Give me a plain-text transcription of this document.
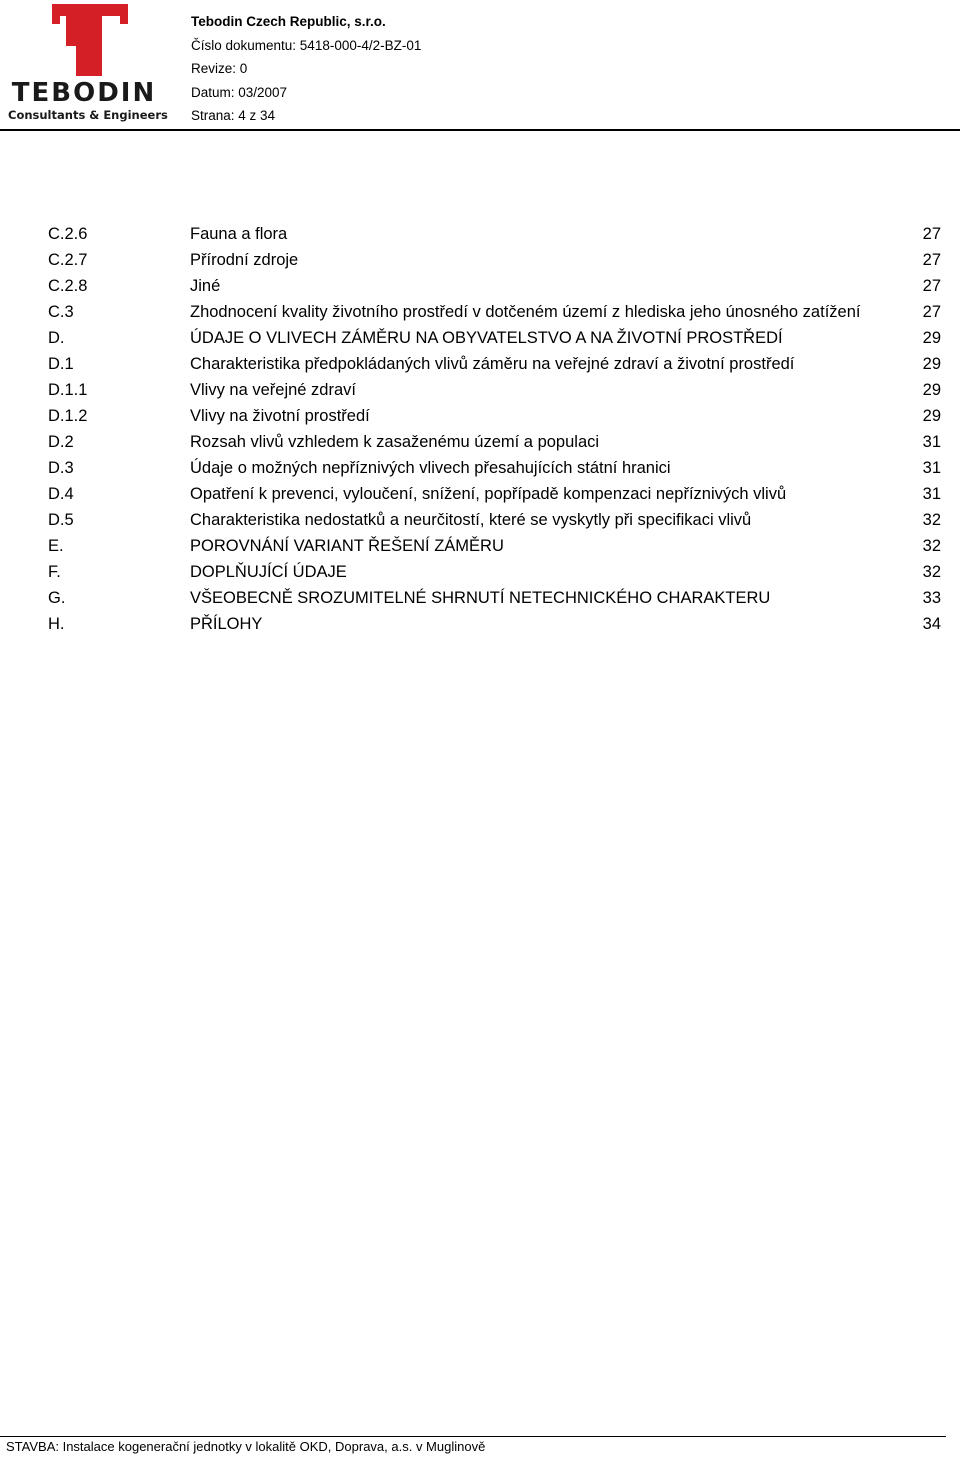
TEBODIN
Consultants & Engineers
Tebodin Czech Republic, s.r.o.
Číslo dokumentu: 5418-000-4/2-BZ-01
Revize: 0
Datum: 03/2007
Strana: 4 z 34
C.2.6	Fauna a flora	27
C.2.7	Přírodní zdroje	27
C.2.8	Jiné	27
C.3	Zhodnocení kvality životního prostředí v dotčeném území z hlediska jeho únosného zatížení	27
D.	ÚDAJE O VLIVECH ZÁMĚRU NA OBYVATELSTVO A NA ŽIVOTNÍ PROSTŘEDÍ	29
D.1	Charakteristika předpokládaných vlivů záměru na veřejné zdraví a životní prostředí	29
D.1.1	Vlivy na veřejné zdraví	29
D.1.2	Vlivy na životní prostředí	29
D.2	Rozsah vlivů vzhledem k zasaženému území a populaci	31
D.3	Údaje o možných nepříznivých vlivech přesahujících státní hranici	31
D.4	Opatření k prevenci, vyloučení, snížení, popřípadě kompenzaci nepříznivých vlivů	31
D.5	Charakteristika nedostatků a neurčitostí, které se vyskytly při specifikaci vlivů	32
E.	POROVNÁNÍ VARIANT ŘEŠENÍ ZÁMĚRU	32
F.	DOPLŇUJÍCÍ ÚDAJE	32
G.	VŠEOBECNĚ SROZUMITELNÉ SHRNUTÍ NETECHNICKÉHO CHARAKTERU	33
H.	PŘÍLOHY	34
STAVBA: Instalace kogenerační jednotky v lokalitě OKD, Doprava, a.s. v Muglinově
